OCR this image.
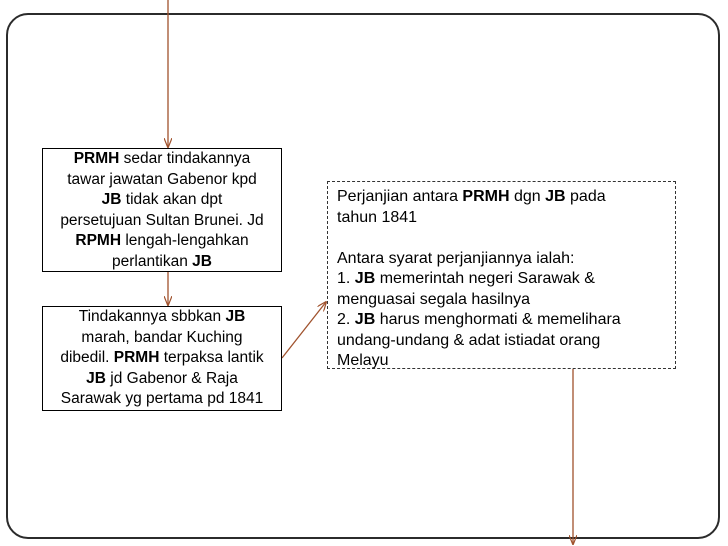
PRMH sedar tindakannya
tawar jawatan Gabenor kpd
JB tidak akan dpt
persetujuan Sultan Brunei. Jd
RPMH lengah-lengahkan
perlantikan JB
Tindakannya sbbkan JB
marah, bandar Kuching
dibedil. PRMH terpaksa lantik
JB jd Gabenor & Raja
Sarawak yg pertama pd 1841
Perjanjian antara PRMH dgn JB pada
tahun 1841
Antara syarat perjanjiannya ialah:
1. JB memerintah negeri Sarawak &
menguasai segala hasilnya
2. JB harus menghormati & memelihara
undang-undang & adat istiadat orang
Melayu
